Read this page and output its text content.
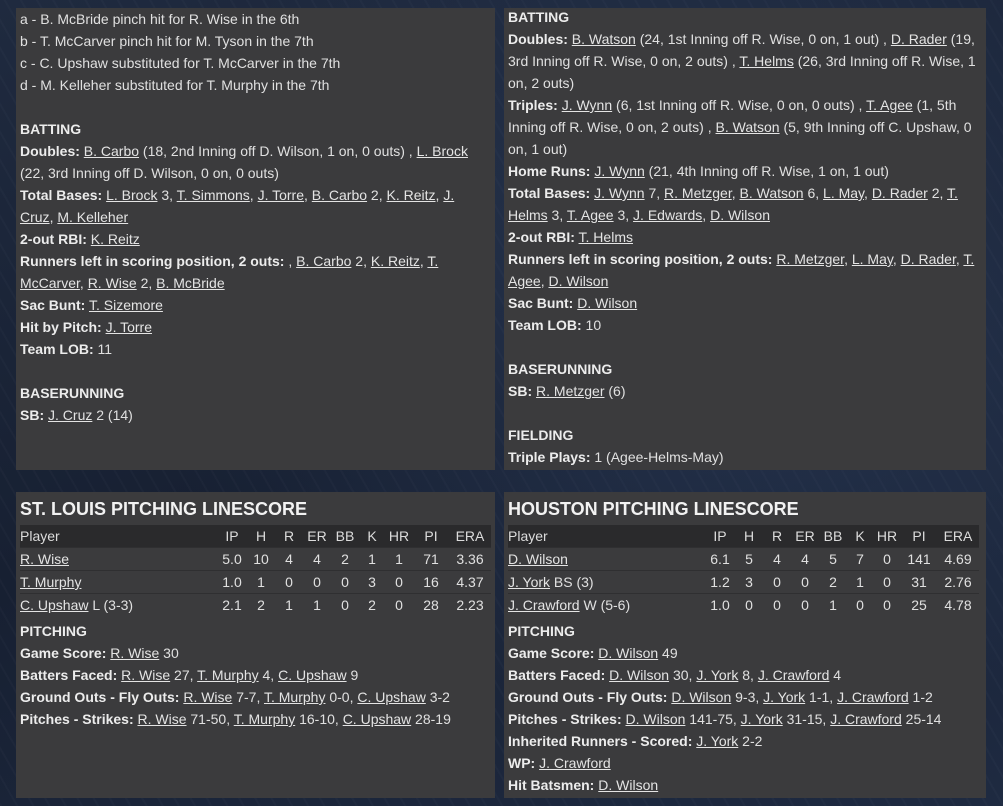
a - B. McBride pinch hit for R. Wise in the 6th
b - T. McCarver pinch hit for M. Tyson in the 7th
c - C. Upshaw substituted for T. McCarver in the 7th
d - M. Kelleher substituted for T. Murphy in the 7th
BATTING
Doubles: B. Carbo (18, 2nd Inning off D. Wilson, 1 on, 0 outs) , L. Brock (22, 3rd Inning off D. Wilson, 0 on, 0 outs)
Total Bases: L. Brock 3, T. Simmons, J. Torre, B. Carbo 2, K. Reitz, J. Cruz, M. Kelleher
2-out RBI: K. Reitz
Runners left in scoring position, 2 outs: , B. Carbo 2, K. Reitz, T. McCarver, R. Wise 2, B. McBride
Sac Bunt: T. Sizemore
Hit by Pitch: J. Torre
Team LOB: 11
BASERUNNING
SB: J. Cruz 2 (14)
BATTING
Doubles: B. Watson (24, 1st Inning off R. Wise, 0 on, 1 out) , D. Rader (19, 3rd Inning off R. Wise, 0 on, 2 outs) , T. Helms (26, 3rd Inning off R. Wise, 1 on, 2 outs)
Triples: J. Wynn (6, 1st Inning off R. Wise, 0 on, 0 outs) , T. Agee (1, 5th Inning off R. Wise, 0 on, 2 outs) , B. Watson (5, 9th Inning off C. Upshaw, 0 on, 1 out)
Home Runs: J. Wynn (21, 4th Inning off R. Wise, 1 on, 1 out)
Total Bases: J. Wynn 7, R. Metzger, B. Watson 6, L. May, D. Rader 2, T. Helms 3, T. Agee 3, J. Edwards, D. Wilson
2-out RBI: T. Helms
Runners left in scoring position, 2 outs: R. Metzger, L. May, D. Rader, T. Agee, D. Wilson
Sac Bunt: D. Wilson
Team LOB: 10
BASERUNNING
SB: R. Metzger (6)
FIELDING
Triple Plays: 1 (Agee-Helms-May)
ST. LOUIS PITCHING LINESCORE
Player	IP	H	R	ER	BB	K	HR	PI	ERA
R. Wise	5.0	10	4	4	2	1	1	71	3.36
T. Murphy	1.0	1	0	0	0	3	0	16	4.37
C. Upshaw L (3-3)	2.1	2	1	1	0	2	0	28	2.23
PITCHING
Game Score: R. Wise 30
Batters Faced: R. Wise 27, T. Murphy 4, C. Upshaw 9
Ground Outs - Fly Outs: R. Wise 7-7, T. Murphy 0-0, C. Upshaw 3-2
Pitches - Strikes: R. Wise 71-50, T. Murphy 16-10, C. Upshaw 28-19
HOUSTON PITCHING LINESCORE
Player	IP	H	R	ER	BB	K	HR	PI	ERA
D. Wilson	6.1	5	4	4	5	7	0	141	4.69
J. York BS (3)	1.2	3	0	0	2	1	0	31	2.76
J. Crawford W (5-6)	1.0	0	0	0	1	0	0	25	4.78
PITCHING
Game Score: D. Wilson 49
Batters Faced: D. Wilson 30, J. York 8, J. Crawford 4
Ground Outs - Fly Outs: D. Wilson 9-3, J. York 1-1, J. Crawford 1-2
Pitches - Strikes: D. Wilson 141-75, J. York 31-15, J. Crawford 25-14
Inherited Runners - Scored: J. York 2-2
WP: J. Crawford
Hit Batsmen: D. Wilson
